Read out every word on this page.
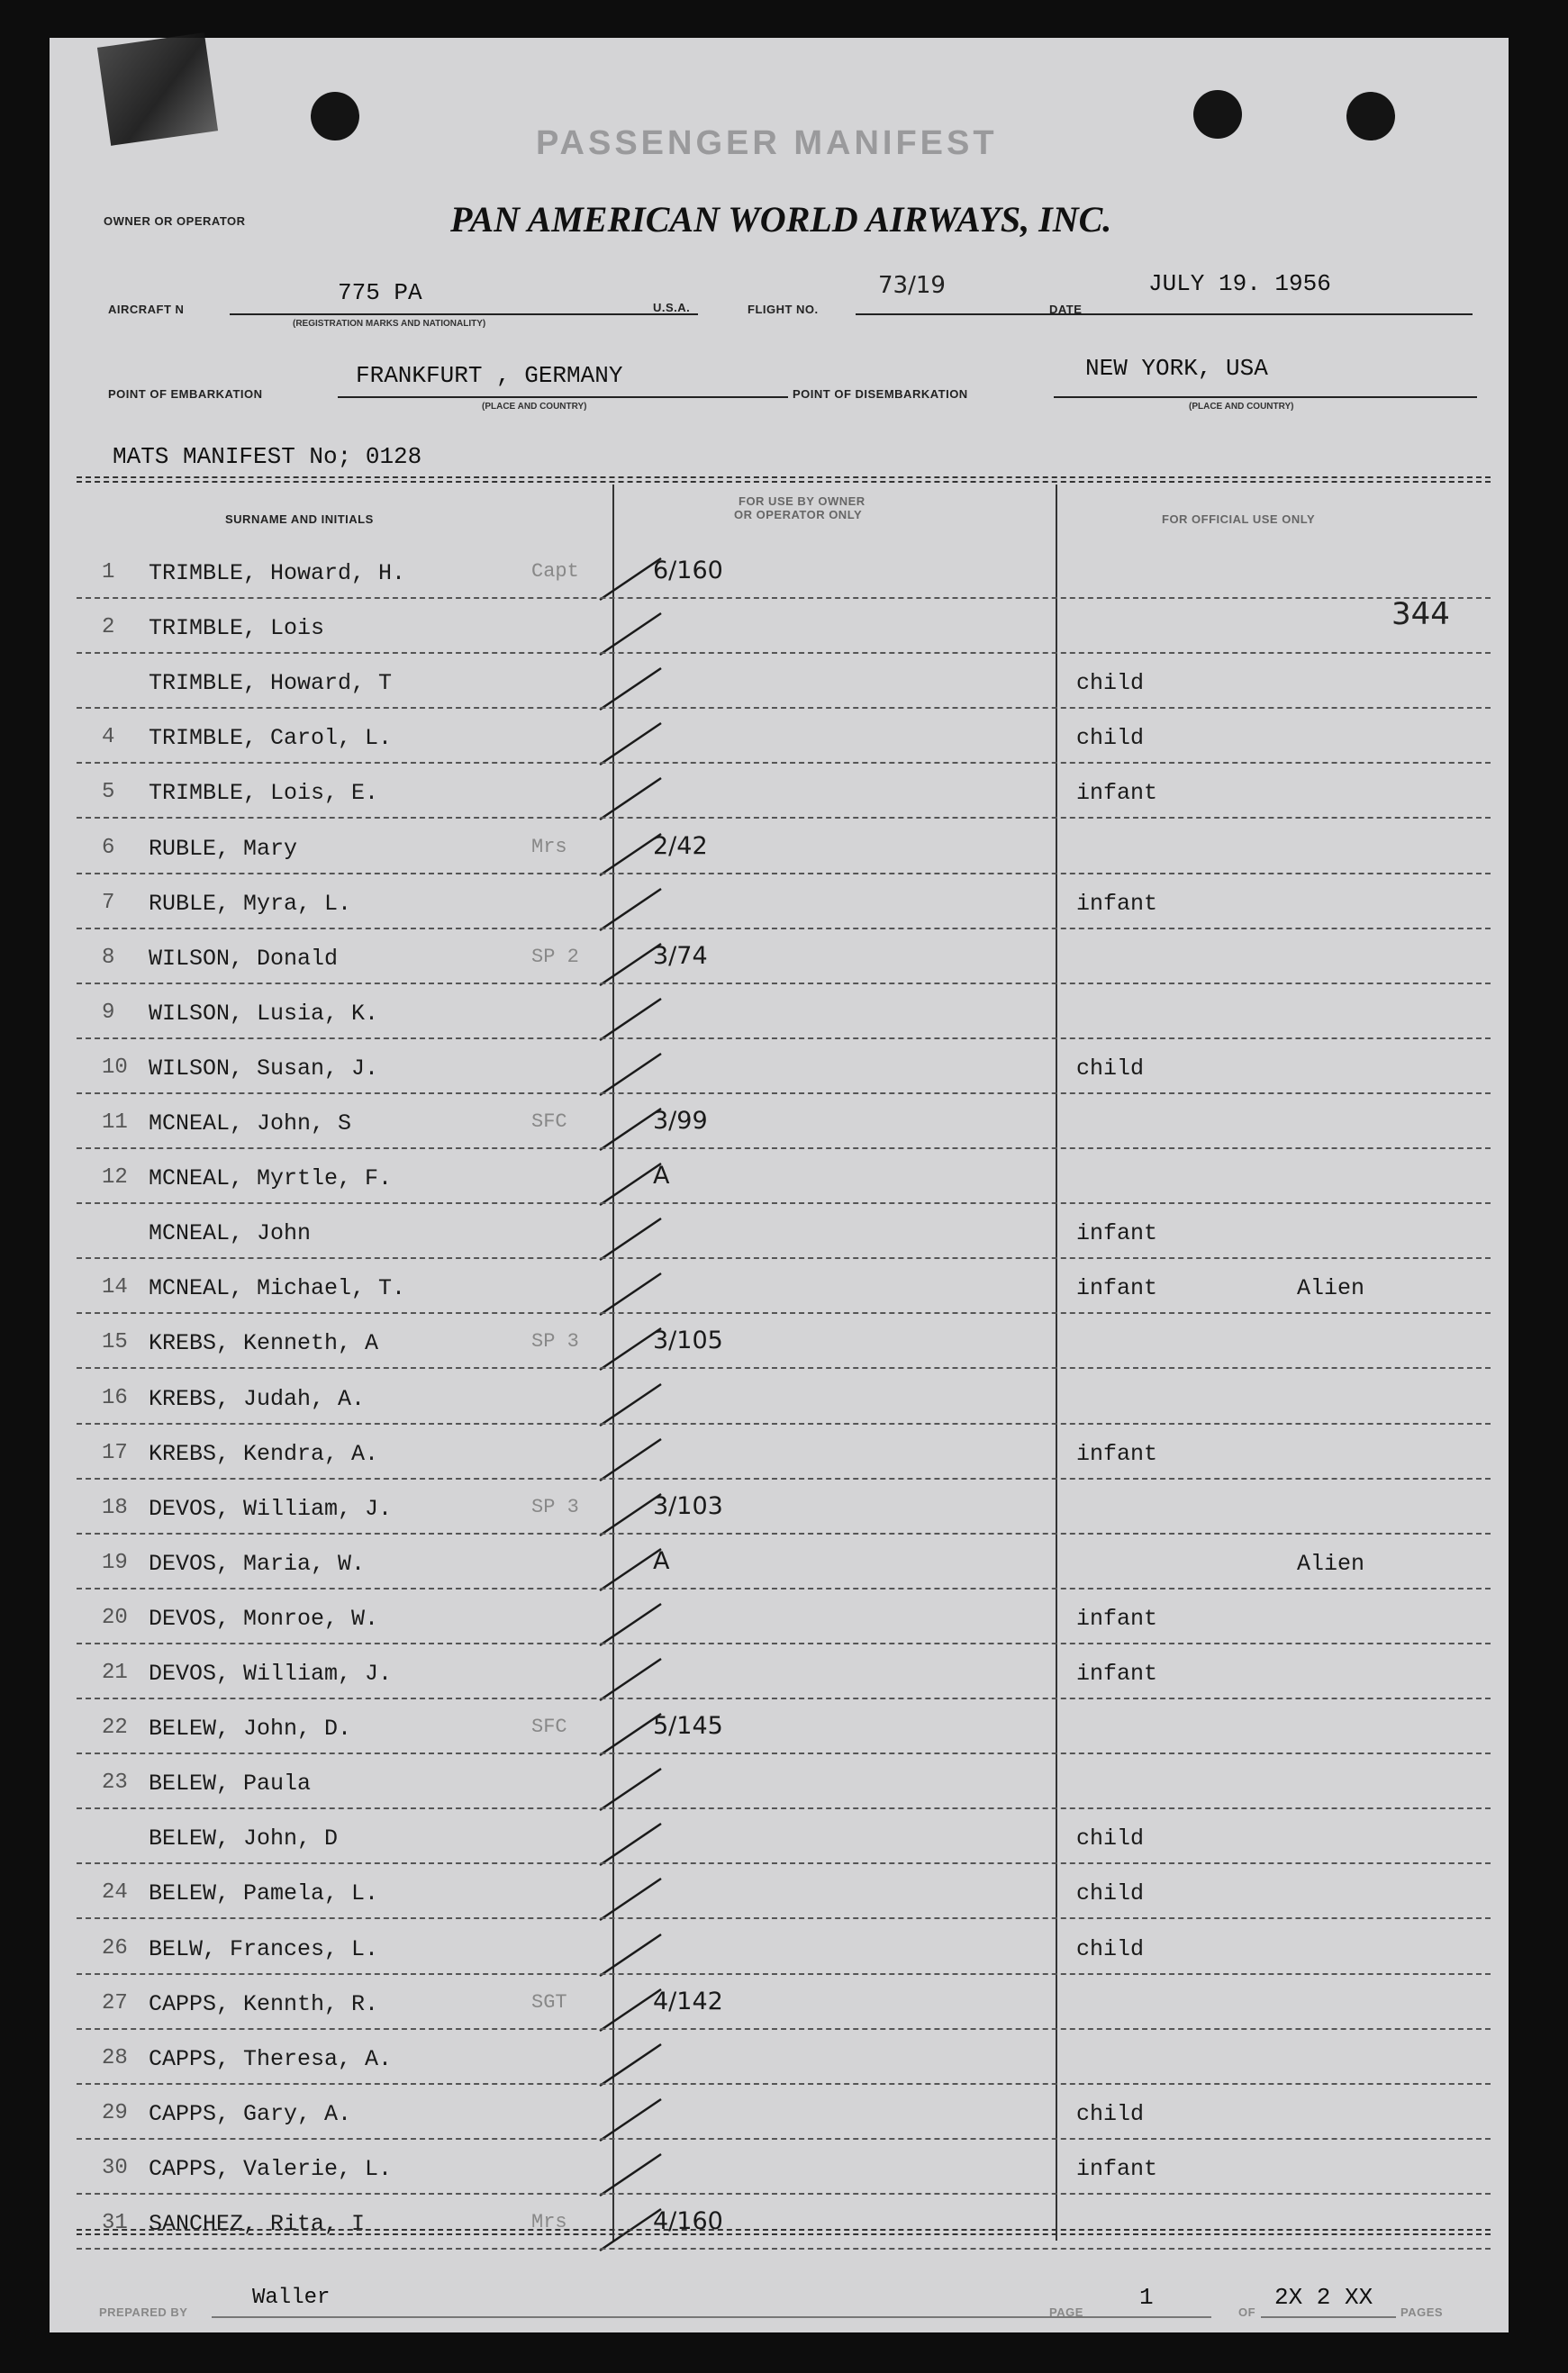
OWNER OR OPERATOR
PASSENGER MANIFEST
PAN AMERICAN WORLD AIRWAYS, INC.
AIRCRAFT N
775 PA
(REGISTRATION MARKS AND NATIONALITY)
U.S.A.	FLIGHT NO.
73/19
DATE
JULY 19. 1956
POINT OF EMBARKATION
FRANKFURT , GERMANY
(PLACE AND COUNTRY)
POINT OF DISEMBARKATION
NEW YORK, USA
(PLACE AND COUNTRY)
MATS MANIFEST No; 0128
SURNAME AND INITIALS
FOR USE BY OWNER
OR OPERATOR ONLY	FOR OFFICIAL USE ONLY
344
1	TRIMBLE, Howard, H.	Capt	6/160
2	TRIMBLE, Lois
TRIMBLE, Howard, T	child
4	TRIMBLE, Carol, L.	child
5	TRIMBLE, Lois, E.	infant
6	RUBLE, Mary	Mrs	2/42
7	RUBLE, Myra, L.	infant
8	WILSON, Donald	SP 2	3/74
9	WILSON, Lusia, K.
10 WILSON, Susan, J.	child
11 MCNEAL, John, S	SFC	3/99
12 MCNEAL, Myrtle, F.	A
MCNEAL, John	infant
14 MCNEAL, Michael, T.	infant	Alien
15 KREBS, Kenneth, A	SP 3	3/105
16 KREBS, Judah, A.
17 KREBS, Kendra, A.	infant
18 DEVOS, William, J.	SP 3	3/103
19 DEVOS, Maria, W.	A	Alien
20 DEVOS, Monroe, W.	infant
21 DEVOS, William, J.	infant
22 BELEW, John, D.	SFC	5/145
23 BELEW, Paula
BELEW, John, D	child
24 BELEW, Pamela, L.	child
26 BELW, Frances, L.	child
27 CAPPS, Kennth, R.	SGT	4/142
28 CAPPS, Theresa, A.
29 CAPPS, Gary, A.	child
30 CAPPS, Valerie, L.	infant
31 SANCHEZ, Rita, I	Mrs	4/160
PREPARED BY
Waller
PAGE
1
OF
2X 2 XX
PAGES
